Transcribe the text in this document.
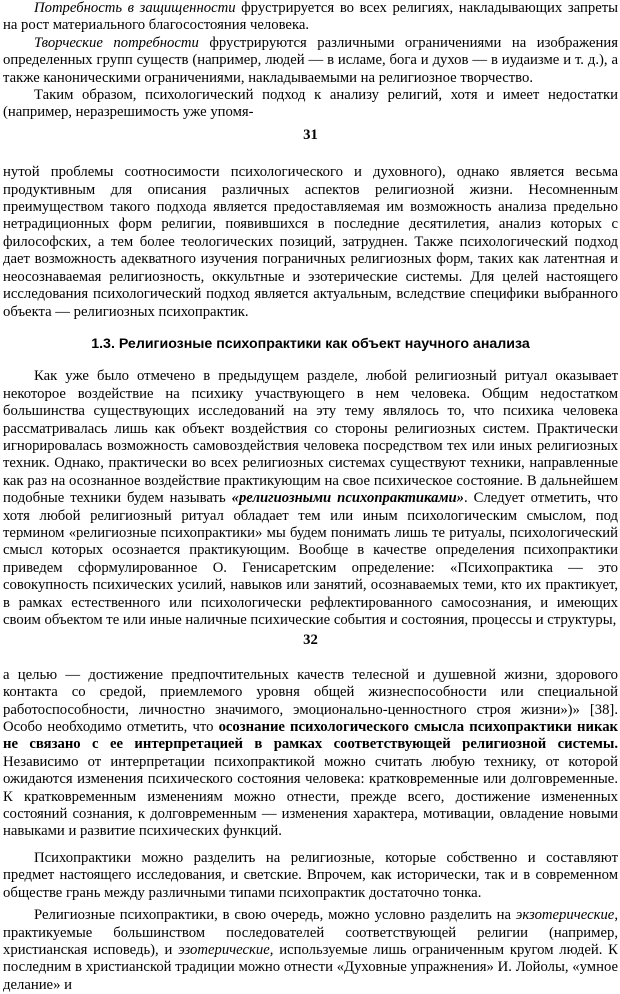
Потребность в защищенности фрустрируется во всех религиях, накладывающих запреты на рост материального благосостояния человека.

Творческие потребности фрустрируются различными ограничениями на изображения определенных групп существ (например, людей — в исламе, бога и духов — в иудаизме и т. д.), а также каноническими ограничениями, накладываемыми на религиозное творчество.

Таким образом, психологический подход к анализу религий, хотя и имеет недостатки (например, неразрешимость уже упомя-

31

нутой проблемы соотносимости психологического и духовного), однако является весьма продуктивным для описания различных аспектов религиозной жизни. Несомненным преимуществом такого подхода является предоставляемая им возможность анализа предельно нетрадиционных форм религии, появившихся в последние десятилетия, анализ которых с философских, а тем более теологических позиций, затруднен. Также психологический подход дает возможность адекватного изучения пограничных религиозных форм, таких как латентная и неосознаваемая религиозность, оккультные и эзотерические системы. Для целей настоящего исследования психологический подход является актуальным, вследствие специфики выбранного объекта — религиозных психопрактик.

1.3. Религиозные психопрактики как объект научного анализа

Как уже было отмечено в предыдущем разделе, любой религиозный ритуал оказывает некоторое воздействие на психику участвующего в нем человека. Общим недостатком большинства существующих исследований на эту тему являлось то, что психика человека рассматривалась лишь как объект воздействия со стороны религиозных систем. Практически игнорировалась возможность самовоздействия человека посредством тех или иных религиозных техник. Однако, практически во всех религиозных системах существуют техники, направленные как раз на осознанное воздействие практикующим на свое психическое состояние. В дальнейшем подобные техники будем называть «религиозными психопрактиками». Следует отметить, что хотя любой религиозный ритуал обладает тем или иным психологическим смыслом, под термином «религиозные психопрактики» мы будем понимать лишь те ритуалы, психологический смысл которых осознается практикующим. Вообще в качестве определения психопрактики приведем сформулированное О. Генисаретским определение: «Психопрактика — это совокупность психических усилий, навыков или занятий, осознаваемых теми, кто их практикует, в рамках естественного или психологически рефлектированного самосознания, и имеющих своим объектом те или иные наличные психические события и состояния, процессы и структуры,

32

а целью — достижение предпочтительных качеств телесной и душевной жизни, здорового контакта со средой, приемлемого уровня общей жизнеспособности или специальной работоспособности, личностно значимого, эмоционально-ценностного строя жизни»)» [38]. Особо необходимо отметить, что осознание психологического смысла психопрактики никак не связано с ее интерпретацией в рамках соответствующей религиозной системы. Независимо от интерпретации психопрактикой можно считать любую технику, от которой ожидаются изменения психического состояния человека: кратковременные или долговременные. К кратковременным изменениям можно отнести, прежде всего, достижение измененных состояний сознания, к долговременным — изменения характера, мотивации, овладение новыми навыками и развитие психических функций.

Психопрактики можно разделить на религиозные, которые собственно и составляют предмет настоящего исследования, и светские. Впрочем, как исторически, так и в современном обществе грань между различными типами психопрактик достаточно тонка.

Религиозные психопрактики, в свою очередь, можно условно разделить на экзотерические, практикуемые большинством последователей соответствующей религии (например, христианская исповедь), и эзотерические, используемые лишь ограниченным кругом людей. К последним в христианской традиции можно отнести «Духовные упражнения» И. Лойолы, «умное делание» и
